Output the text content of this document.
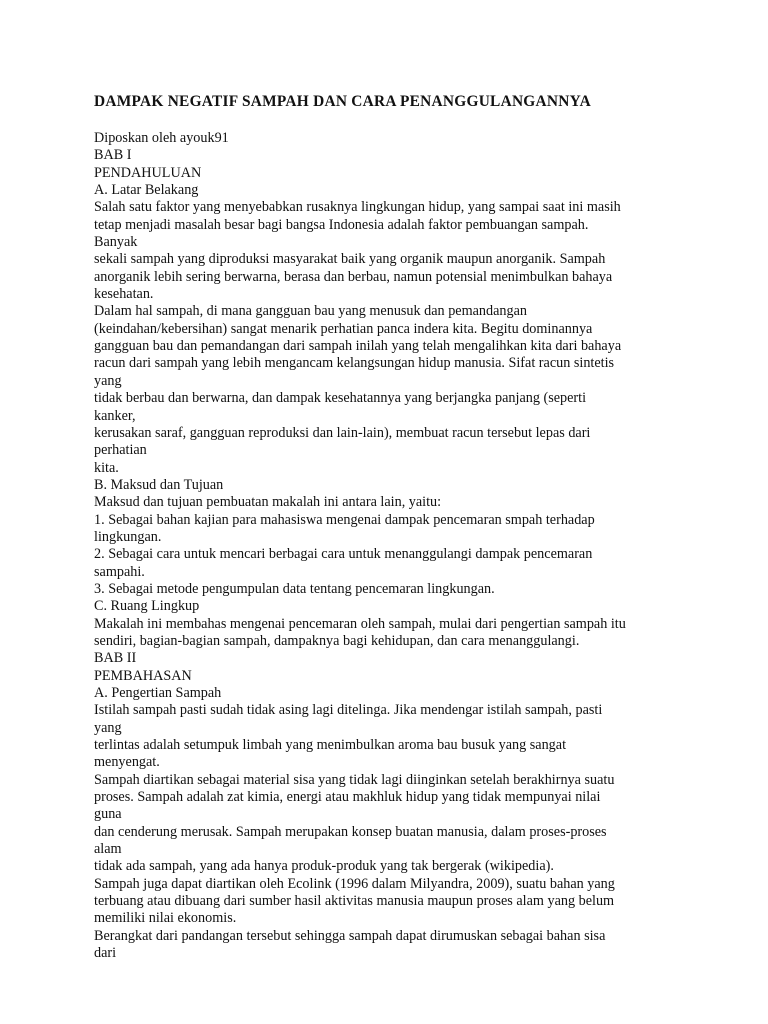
DAMPAK NEGATIF SAMPAH DAN CARA PENANGGULANGANNYA
Diposkan oleh ayouk91
BAB I
PENDAHULUAN
A. Latar Belakang
Salah satu faktor yang menyebabkan rusaknya lingkungan hidup, yang sampai saat ini masih
tetap menjadi masalah besar bagi bangsa Indonesia adalah faktor pembuangan sampah.
Banyak
sekali sampah yang diproduksi masyarakat baik yang organik maupun anorganik. Sampah
anorganik lebih sering berwarna, berasa dan berbau, namun potensial menimbulkan bahaya
kesehatan.
Dalam hal sampah, di mana gangguan bau yang menusuk dan pemandangan
(keindahan/kebersihan) sangat menarik perhatian panca indera kita. Begitu dominannya
gangguan bau dan pemandangan dari sampah inilah yang telah mengalihkan kita dari bahaya
racun dari sampah yang lebih mengancam kelangsungan hidup manusia. Sifat racun sintetis
yang
tidak berbau dan berwarna, dan dampak kesehatannya yang berjangka panjang (seperti
kanker,
kerusakan saraf, gangguan reproduksi dan lain-lain), membuat racun tersebut lepas dari
perhatian
kita.
B. Maksud dan Tujuan
Maksud dan tujuan pembuatan makalah ini antara lain, yaitu:
1. Sebagai bahan kajian para mahasiswa mengenai dampak pencemaran smpah terhadap
lingkungan.
2. Sebagai cara untuk mencari berbagai cara untuk menanggulangi dampak pencemaran
sampahi.
3. Sebagai metode pengumpulan data tentang pencemaran lingkungan.
C. Ruang Lingkup
Makalah ini membahas mengenai pencemaran oleh sampah, mulai dari pengertian sampah itu
sendiri, bagian-bagian sampah, dampaknya bagi kehidupan, dan cara menanggulangi.
BAB II
PEMBAHASAN
A. Pengertian Sampah
Istilah sampah pasti sudah tidak asing lagi ditelinga. Jika mendengar istilah sampah, pasti
yang
terlintas adalah setumpuk limbah yang menimbulkan aroma bau busuk yang sangat
menyengat.
Sampah diartikan sebagai material sisa yang tidak lagi diinginkan setelah berakhirnya suatu
proses. Sampah adalah zat kimia, energi atau makhluk hidup yang tidak mempunyai nilai
guna
dan cenderung merusak. Sampah merupakan konsep buatan manusia, dalam proses-proses
alam
tidak ada sampah, yang ada hanya produk-produk yang tak bergerak (wikipedia).
Sampah juga dapat diartikan oleh Ecolink (1996 dalam Milyandra, 2009), suatu bahan yang
terbuang atau dibuang dari sumber hasil aktivitas manusia maupun proses alam yang belum
memiliki nilai ekonomis.
Berangkat dari pandangan tersebut sehingga sampah dapat dirumuskan sebagai bahan sisa
dari
